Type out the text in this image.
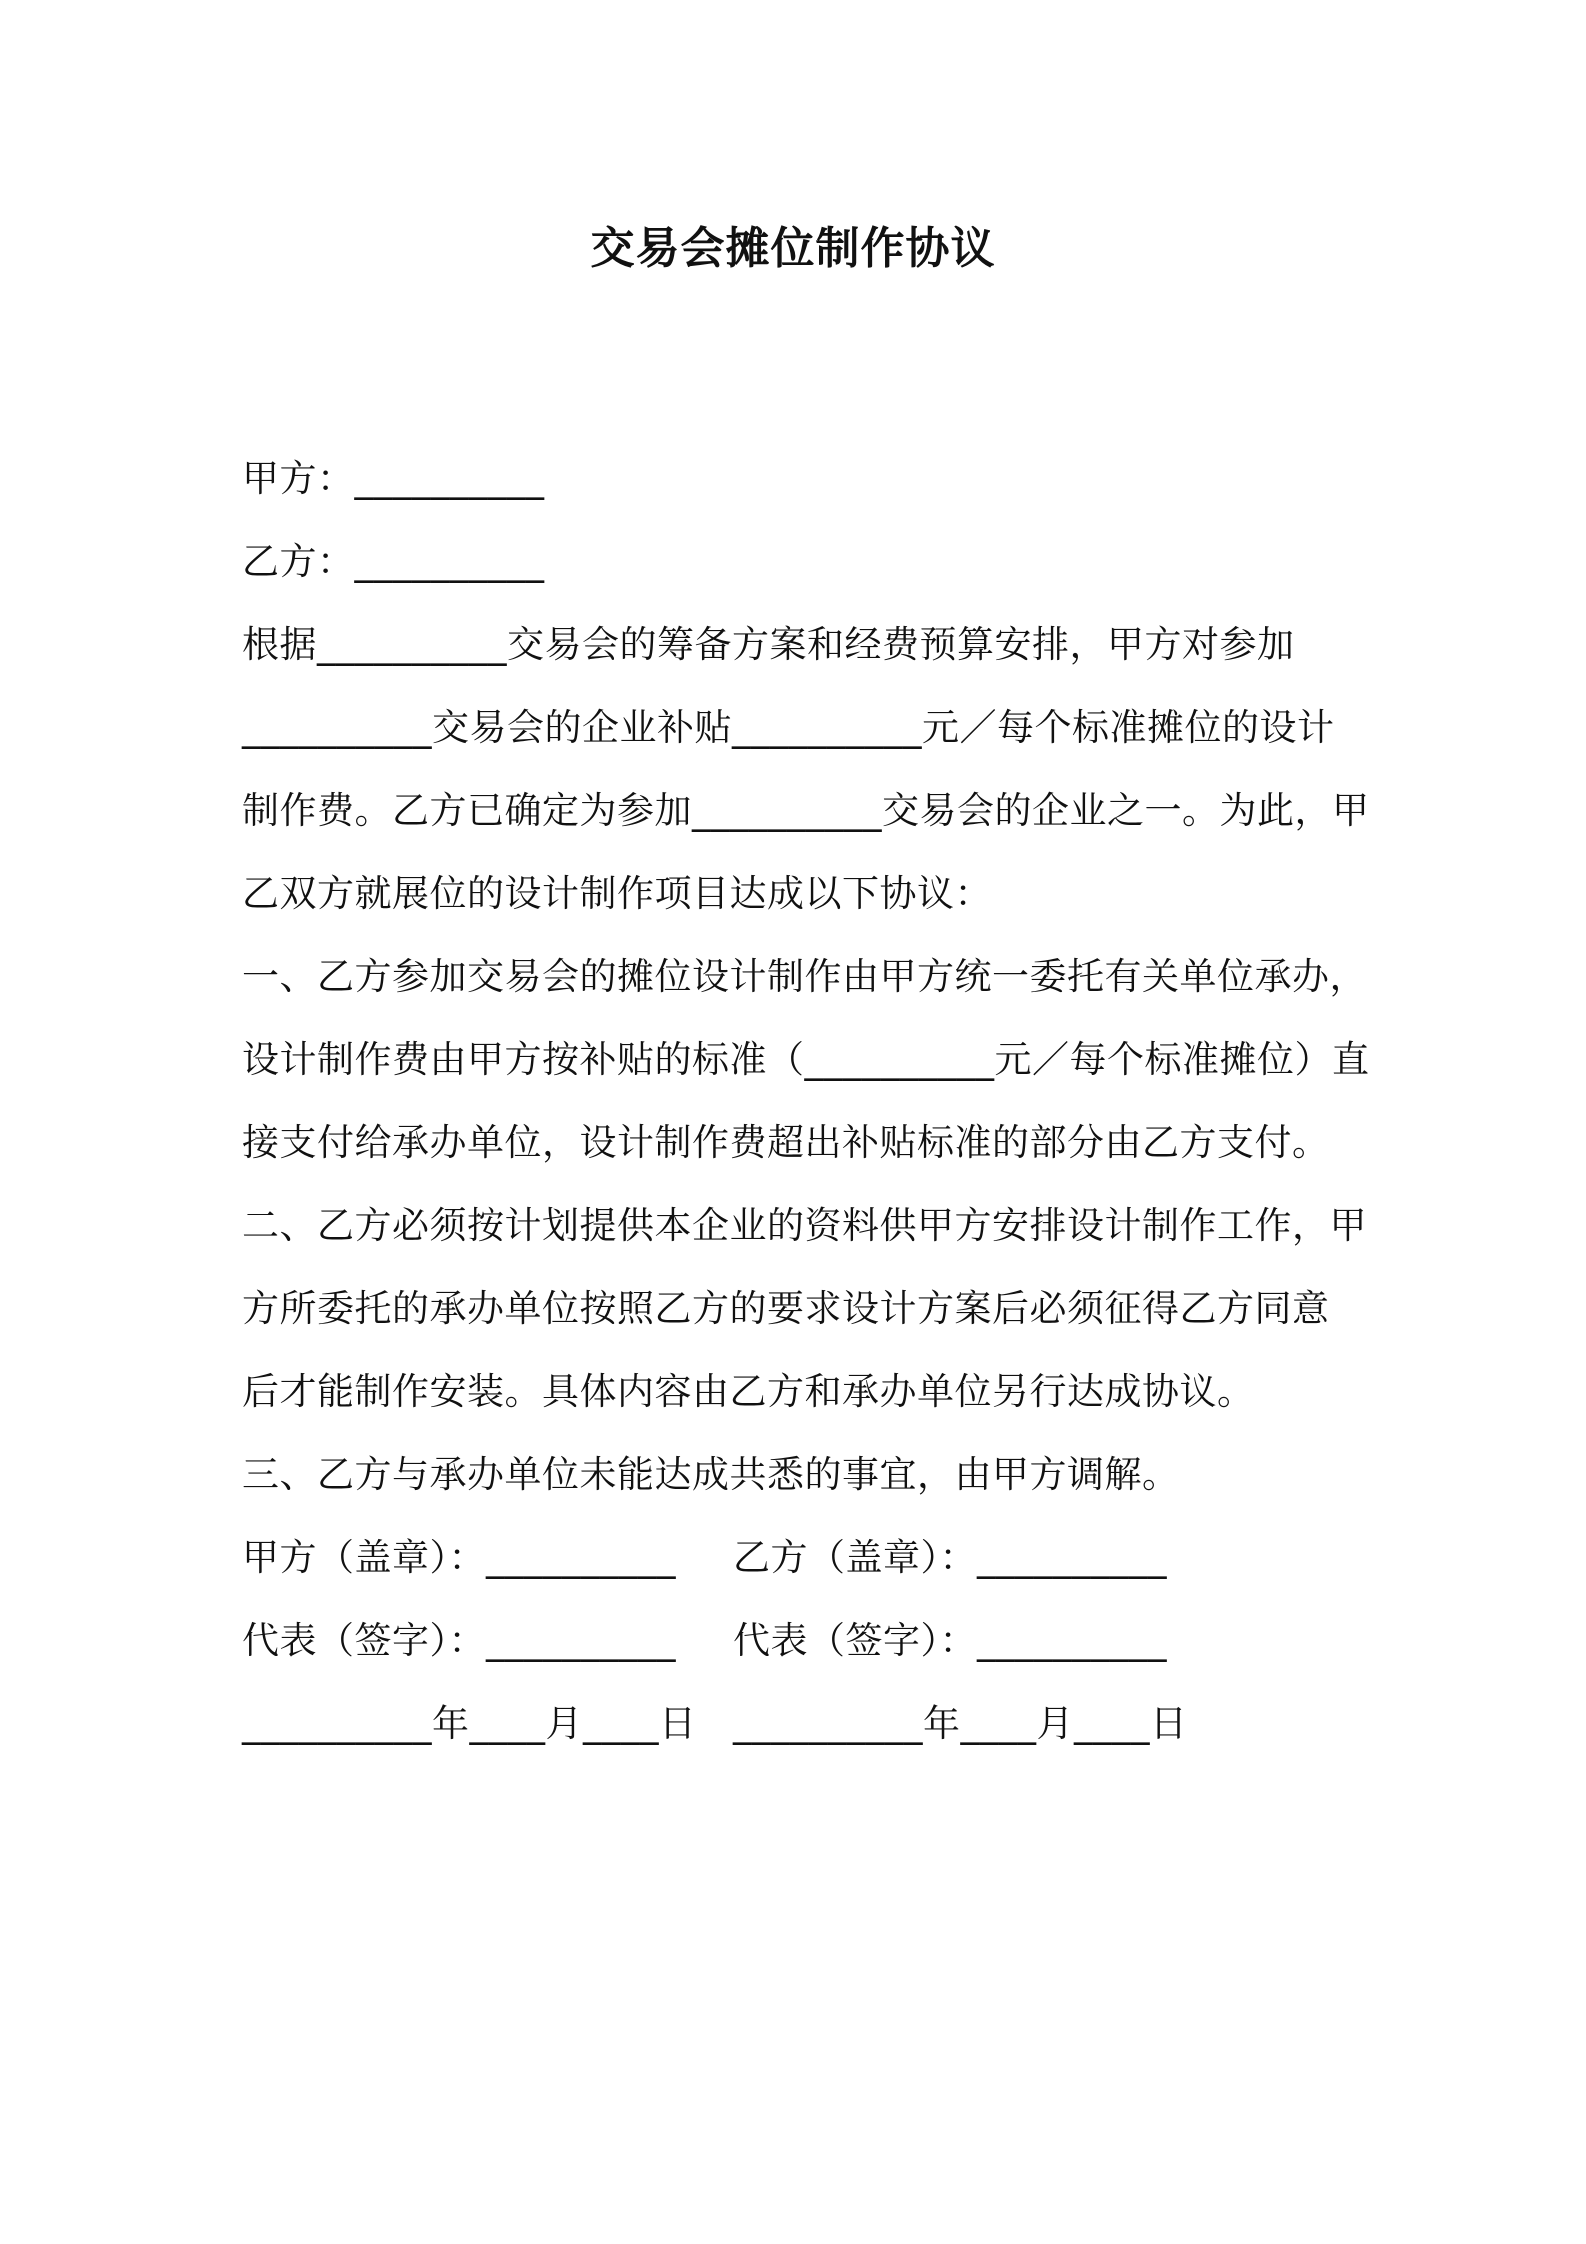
交易会摊位制作协议
甲方：__________
乙方：__________
根据__________交易会的筹备方案和经费预算安排，甲方对参加
__________交易会的企业补贴__________元／每个标准摊位的设计
制作费。乙方已确定为参加__________交易会的企业之一。为此，甲
乙双方就展位的设计制作项目达成以下协议：
一、乙方参加交易会的摊位设计制作由甲方统一委托有关单位承办，
设计制作费由甲方按补贴的标准（__________元／每个标准摊位）直
接支付给承办单位，设计制作费超出补贴标准的部分由乙方支付。
二、乙方必须按计划提供本企业的资料供甲方安排设计制作工作，甲
方所委托的承办单位按照乙方的要求设计方案后必须征得乙方同意
后才能制作安装。具体内容由乙方和承办单位另行达成协议。
三、乙方与承办单位未能达成共悉的事宜，由甲方调解。
甲方（盖章）：__________ 乙方（盖章）：__________
代表（签字）：__________ 代表（签字）：__________
__________年____月____日 __________年____月____日
